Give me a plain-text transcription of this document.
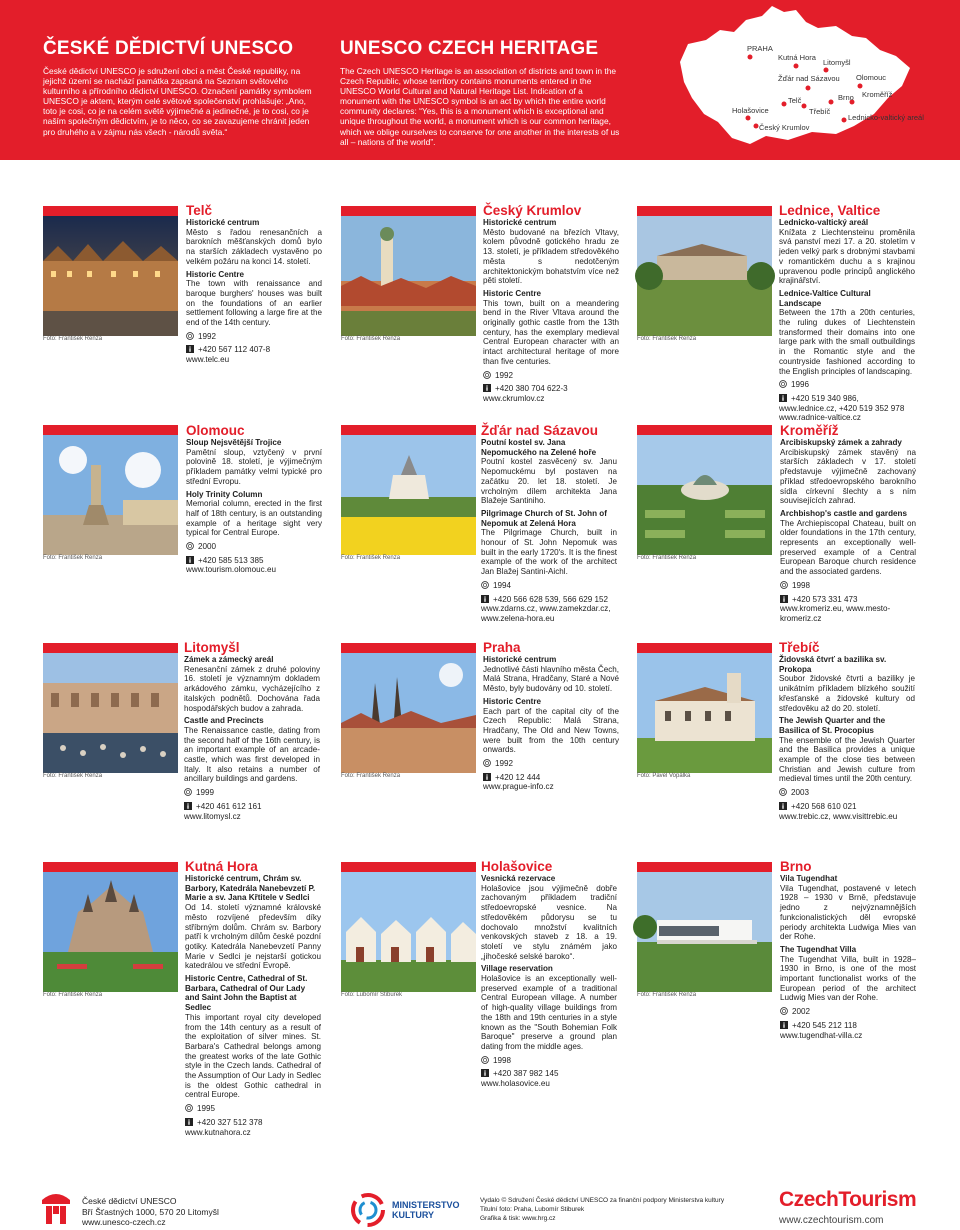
ČESKÉ DĚDICTVÍ UNESCO

České dědictví UNESCO je sdružení obcí a měst České republiky, na jejichž území se nachází památka zapsaná na Seznam světového kulturního a přírodního dědictví UNESCO. Označení památky symbolem UNESCO je aktem, kterým celé světové společenství prohlašuje: „Ano, toto je cosi, co je na celém světě výjimečné a jedinečné, je to cosi, co je naším společným dědictvím, je to něco, co se zavazujeme chránit jeden pro druhého a v zájmu nás všech - národů světa.“

UNESCO CZECH HERITAGE

The Czech UNESCO Heritage is an association of districts and town in the Czech Republic, whose territory contains monuments entered in the UNESCO World Cultural and Natural Heritage List. Indication of a monument with the UNESCO symbol is an act by which the entire world community declares: “Yes, this is a monument which is exceptional and unique throughout the world, a monument which is our common heritage, which we oblige ourselves to conserve for one another in the interests of us all – nations of the world”.

PRAHA
Kutná Hora
Litomyšl
Žďár nad Sázavou Olomouc
Telč	Brno Kroměříž
Třebíč
Holašovice
Český Krumlov
Lednicko-valtický areál
Foto: František Renza
Telč
Historické centrum
Město s řadou renesančních a barokních měšťanských domů bylo na starších základech vystavěno po velkém požáru na konci 14. století.
Historic Centre
The town with renaissance and baroque burghers' houses was built on the foundations of an earlier settlement following a large fire at the end of the 14th century.
1992
+420 567 112 407-8
www.telc.eu
Foto: František Renza
Český Krumlov
Historické centrum
Město budované na březích Vltavy, kolem původně gotického hradu ze 13. století, je příkladem středověkého města s nedotčeným architektonickým bohatstvím více než pěti století.
Historic Centre
This town, built on a meandering bend in the River Vltava around the originally gothic castle from the 13th century, has the exemplary medieval Central European character with an intact architectural heritage of more than five centuries.
1992
+420 380 704 622-3
www.ckrumlov.cz
Foto: František Renza
Lednice, Valtice
Lednicko-valtický areál
Knížata z Liechtensteinu proměnila svá panství mezi 17. a 20. stoletím v jeden velký park s drobnými stavbami v romantickém duchu a s krajinou upravenou podle principů anglického krajinářství.
Lednice-Valtice Cultural Landscape
Between the 17th a 20th centuries, the ruling dukes of Liechtenstein transformed their domains into one large park with the small outbuildings in the Romantic style and the countryside fashioned according to the English principles of landscaping.
1996
+420 519 340 986, www.lednice.cz, +420 519 352 978
www.radnice-valtice.cz
Foto: František Renza
Olomouc
Sloup Nejsvětější Trojice
Pamětní sloup, vztyčený v první polovině 18. století, je výjimečným příkladem památky velmi typické pro střední Evropu.
Holy Trinity Column
Memorial column, erected in the first half of 18th century, is an outstanding example of a heritage sight very typical for Central Europe.
2000
+420 585 513 385
www.tourism.olomouc.eu
Foto: František Renza
Žďár nad Sázavou
Poutní kostel sv. Jana Nepomuckého na Zelené hoře
Poutní kostel zasvěcený sv. Janu Nepomuckému byl postaven na začátku 20. let 18. století. Je vrcholným dílem architekta Jana Blažeje Santiniho.
Pilgrimage Church of St. John of Nepomuk at Zelená Hora
The Pilgrimage Church, built in honour of St. John Nepomuk was built in the early 1720's. It is the finest example of the work of the architect Jan Blažej Santini-Aichl.
1994
+420 566 628 539, 566 629 152
www.zdarns.cz, www.zamekzdar.cz, www.zelena-hora.eu
Foto: František Renza
Kroměříž
Arcibiskupský zámek a zahrady
Arcibiskupský zámek stavěný na starších základech v 17. století představuje výjimečně zachovaný příklad středoevropského barokního sídla církevní šlechty a s ním souvisejících zahrad.
Archbishop's castle and gardens
The Archiepiscopal Chateau, built on older foundations in the 17th century, represents an exceptionally well-preserved example of a Central European Baroque church residence and the associated gardens.
1998
+420 573 331 473
www.kromeriz.eu, www.mesto-kromeriz.cz
Foto: František Renza
Litomyšl
Zámek a zámecký areál
Renesanční zámek z druhé poloviny 16. století je významným dokladem arkádového zámku, vycházejícího z italských podnětů. Dochována řada hospodářských budov a zahrada.
Castle and Precincts
The Renaissance castle, dating from the second half of the 16th century, is an important example of an arcade-castle, which was first developed in Italy. It also retains a number of ancillary buildings and gardens.
1999
+420 461 612 161
www.litomysl.cz
Foto: František Renza
Praha
Historické centrum
Jednotlivé části hlavního města Čech, Malá Strana, Hradčany, Staré a Nové Město, byly budovány od 10. století.
Historic Centre
Each part of the capital city of the Czech Republic: Malá Strana, Hradčany, The Old and New Towns, were built from the 10th century onwards.
1992
+420 12 444
www.prague-info.cz
Foto: Pavel Vopálka
Třebíč
Židovská čtvrť a bazilika sv. Prokopa
Soubor židovské čtvrti a baziliky je unikátním příkladem blízkého soužití křesťanské a židovské kultury od středověku až do 20. století.
The Jewish Quarter and the Basilica of St. Procopius
The ensemble of the Jewish Quarter and the Basilica provides a unique example of the close ties between Christian and Jewish culture from medieval times until the 20th century.
2003
+420 568 610 021
www.trebic.cz, www.visittrebic.eu
Foto: František Renza
Kutná Hora
Historické centrum, Chrám sv. Barbory, Katedrála Nanebevzetí P. Marie a sv. Jana Křtitele v Sedlci
Od 14. století významné královské město rozvíjené především díky stříbrným dolům. Chrám sv. Barbory patří k vrcholným dílům české pozdní gotiky. Katedrála Nanebevzetí Panny Marie v Sedlci je nejstarší gotickou katedrálou ve střední Evropě.
Historic Centre, Cathedral of St. Barbara, Cathedral of Our Lady and Saint John the Baptist at Sedlec
This important royal city developed from the 14th century as a result of the exploitation of silver mines. St. Barbara's Cathedral belongs among the greatest works of the late Gothic style in the Czech lands. Cathedral of the Assumption of Our Lady in Sedlec is the oldest Gothic cathedral in central Europe.
1995
+420 327 512 378
www.kutnahora.cz
Foto: Lubomír Stiburek
Holašovice
Vesnická rezervace
Holašovice jsou výjimečně dobře zachovaným příkladem tradiční středoevropské vesnice. Na středověkém půdorysu se tu dochovalo množství kvalitních venkovských staveb z 18. a 19. století ve stylu známém jako „jihočeské selské baroko“.
Village reservation
Holašovice is an exceptionally well-preserved example of a traditional Central European village. A number of high-quality village buildings from the 18th and 19th centuries in a style known as the "South Bohemian Folk Baroque" preserve a ground plan dating from the middle ages.
1998
+420 387 982 145
www.holasovice.eu
Foto: František Renza
Brno
Vila Tugendhat
Vila Tugendhat, postavené v letech 1928 – 1930 v Brně, představuje jedno z nejvýznamnějších funkcionalistických děl evropské periody architekta Ludwiga Mies van der Rohe.
The Tugendhat Villa
The Tugendhat Villa, built in 1928–1930 in Brno, is one of the most important functionalist works of the European period of the architect Ludwig Mies van der Rohe.
2002
+420 545 212 118
www.tugendhat-villa.cz
České dědictví UNESCO
Bří Šťastných 1000, 570 20 Litomyšl
www.unesco-czech.cz
MINISTERSTVO
KULTURY
Vydalo © Sdružení České dědictví UNESCO za finanční podpory Ministerstva kultury
Titulní foto: Praha, Lubomír Stiburek
Grafika & tisk: www.hrg.cz
CzechTourism
www.czechtourism.com
